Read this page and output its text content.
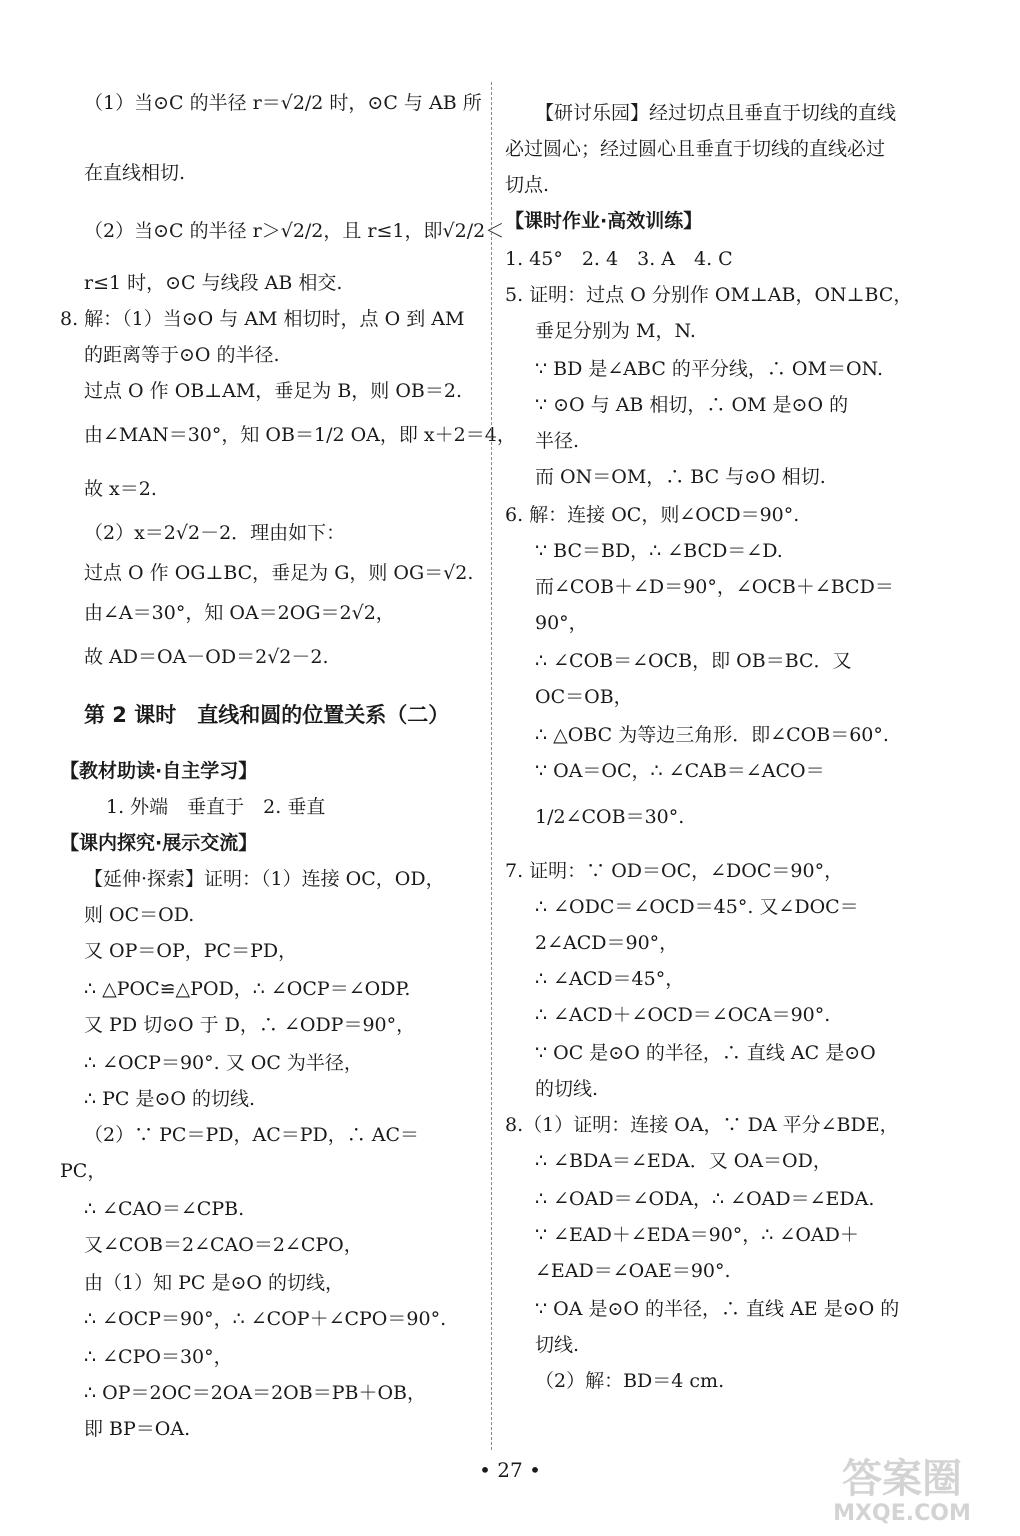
（1）当⊙C 的半径 r＝√2/2 时，⊙C 与 AB 所
在直线相切.
（2）当⊙C 的半径 r＞√2/2，且 r≤1，即√2/2＜
r≤1 时，⊙C 与线段 AB 相交.
8. 解：（1）当⊙O 与 AM 相切时，点 O 到 AM
的距离等于⊙O 的半径.
过点 O 作 OB⊥AM，垂足为 B，则 OB＝2.
由∠MAN＝30°，知 OB＝1/2 OA，即 x＋2＝4，
故 x＝2.
（2）x＝2√2－2．理由如下：
过点 O 作 OG⊥BC，垂足为 G，则 OG＝√2.
由∠A＝30°，知 OA＝2OG＝2√2，
故 AD＝OA－OD＝2√2－2.
第 2 课时　直线和圆的位置关系（二）
【教材助读·自主学习】
1. 外端　垂直于　2. 垂直
【课内探究·展示交流】
【延伸·探索】证明：（1）连接 OC，OD，
则 OC＝OD.
又 OP＝OP，PC＝PD，
∴ △POC≌△POD，∴ ∠OCP＝∠ODP.
又 PD 切⊙O 于 D，∴ ∠ODP＝90°，
∴ ∠OCP＝90°. 又 OC 为半径，
∴ PC 是⊙O 的切线.
（2）∵ PC＝PD，AC＝PD，∴ AC＝
PC，
∴ ∠CAO＝∠CPB.
又∠COB＝2∠CAO＝2∠CPO，
由（1）知 PC 是⊙O 的切线，
∴ ∠OCP＝90°，∴ ∠COP＋∠CPO＝90°.
∴ ∠CPO＝30°，
∴ OP＝2OC＝2OA＝2OB＝PB＋OB，
即 BP＝OA.
【研讨乐园】经过切点且垂直于切线的直线
必过圆心；经过圆心且垂直于切线的直线必过
切点.
【课时作业·高效训练】
1. 45°　2. 4　3. A　4. C
5. 证明：过点 O 分别作 OM⊥AB，ON⊥BC，
垂足分别为 M，N.
∵ BD 是∠ABC 的平分线，∴ OM＝ON.
∵ ⊙O 与 AB 相切，∴ OM 是⊙O 的
半径.
而 ON＝OM，∴ BC 与⊙O 相切.
6. 解：连接 OC，则∠OCD＝90°.
∵ BC＝BD，∴ ∠BCD＝∠D.
而∠COB＋∠D＝90°，∠OCB＋∠BCD＝
90°，
∴ ∠COB＝∠OCB，即 OB＝BC．又
OC＝OB，
∴ △OBC 为等边三角形．即∠COB＝60°.
∵ OA＝OC，∴ ∠CAB＝∠ACO＝
1/2∠COB＝30°.
7. 证明：∵ OD＝OC，∠DOC＝90°，
∴ ∠ODC＝∠OCD＝45°. 又∠DOC＝
2∠ACD＝90°，
∴ ∠ACD＝45°，
∴ ∠ACD＋∠OCD＝∠OCA＝90°.
∵ OC 是⊙O 的半径，∴ 直线 AC 是⊙O
的切线.
8.（1）证明：连接 OA，∵ DA 平分∠BDE，
∴ ∠BDA＝∠EDA．又 OA＝OD，
∴ ∠OAD＝∠ODA，∴ ∠OAD＝∠EDA.
∵ ∠EAD＋∠EDA＝90°，∴ ∠OAD＋
∠EAD＝∠OAE＝90°.
∵ OA 是⊙O 的半径，∴ 直线 AE 是⊙O 的
切线.
（2）解：BD＝4 cm.
• 27 •	答案圈
MXQE.COM
